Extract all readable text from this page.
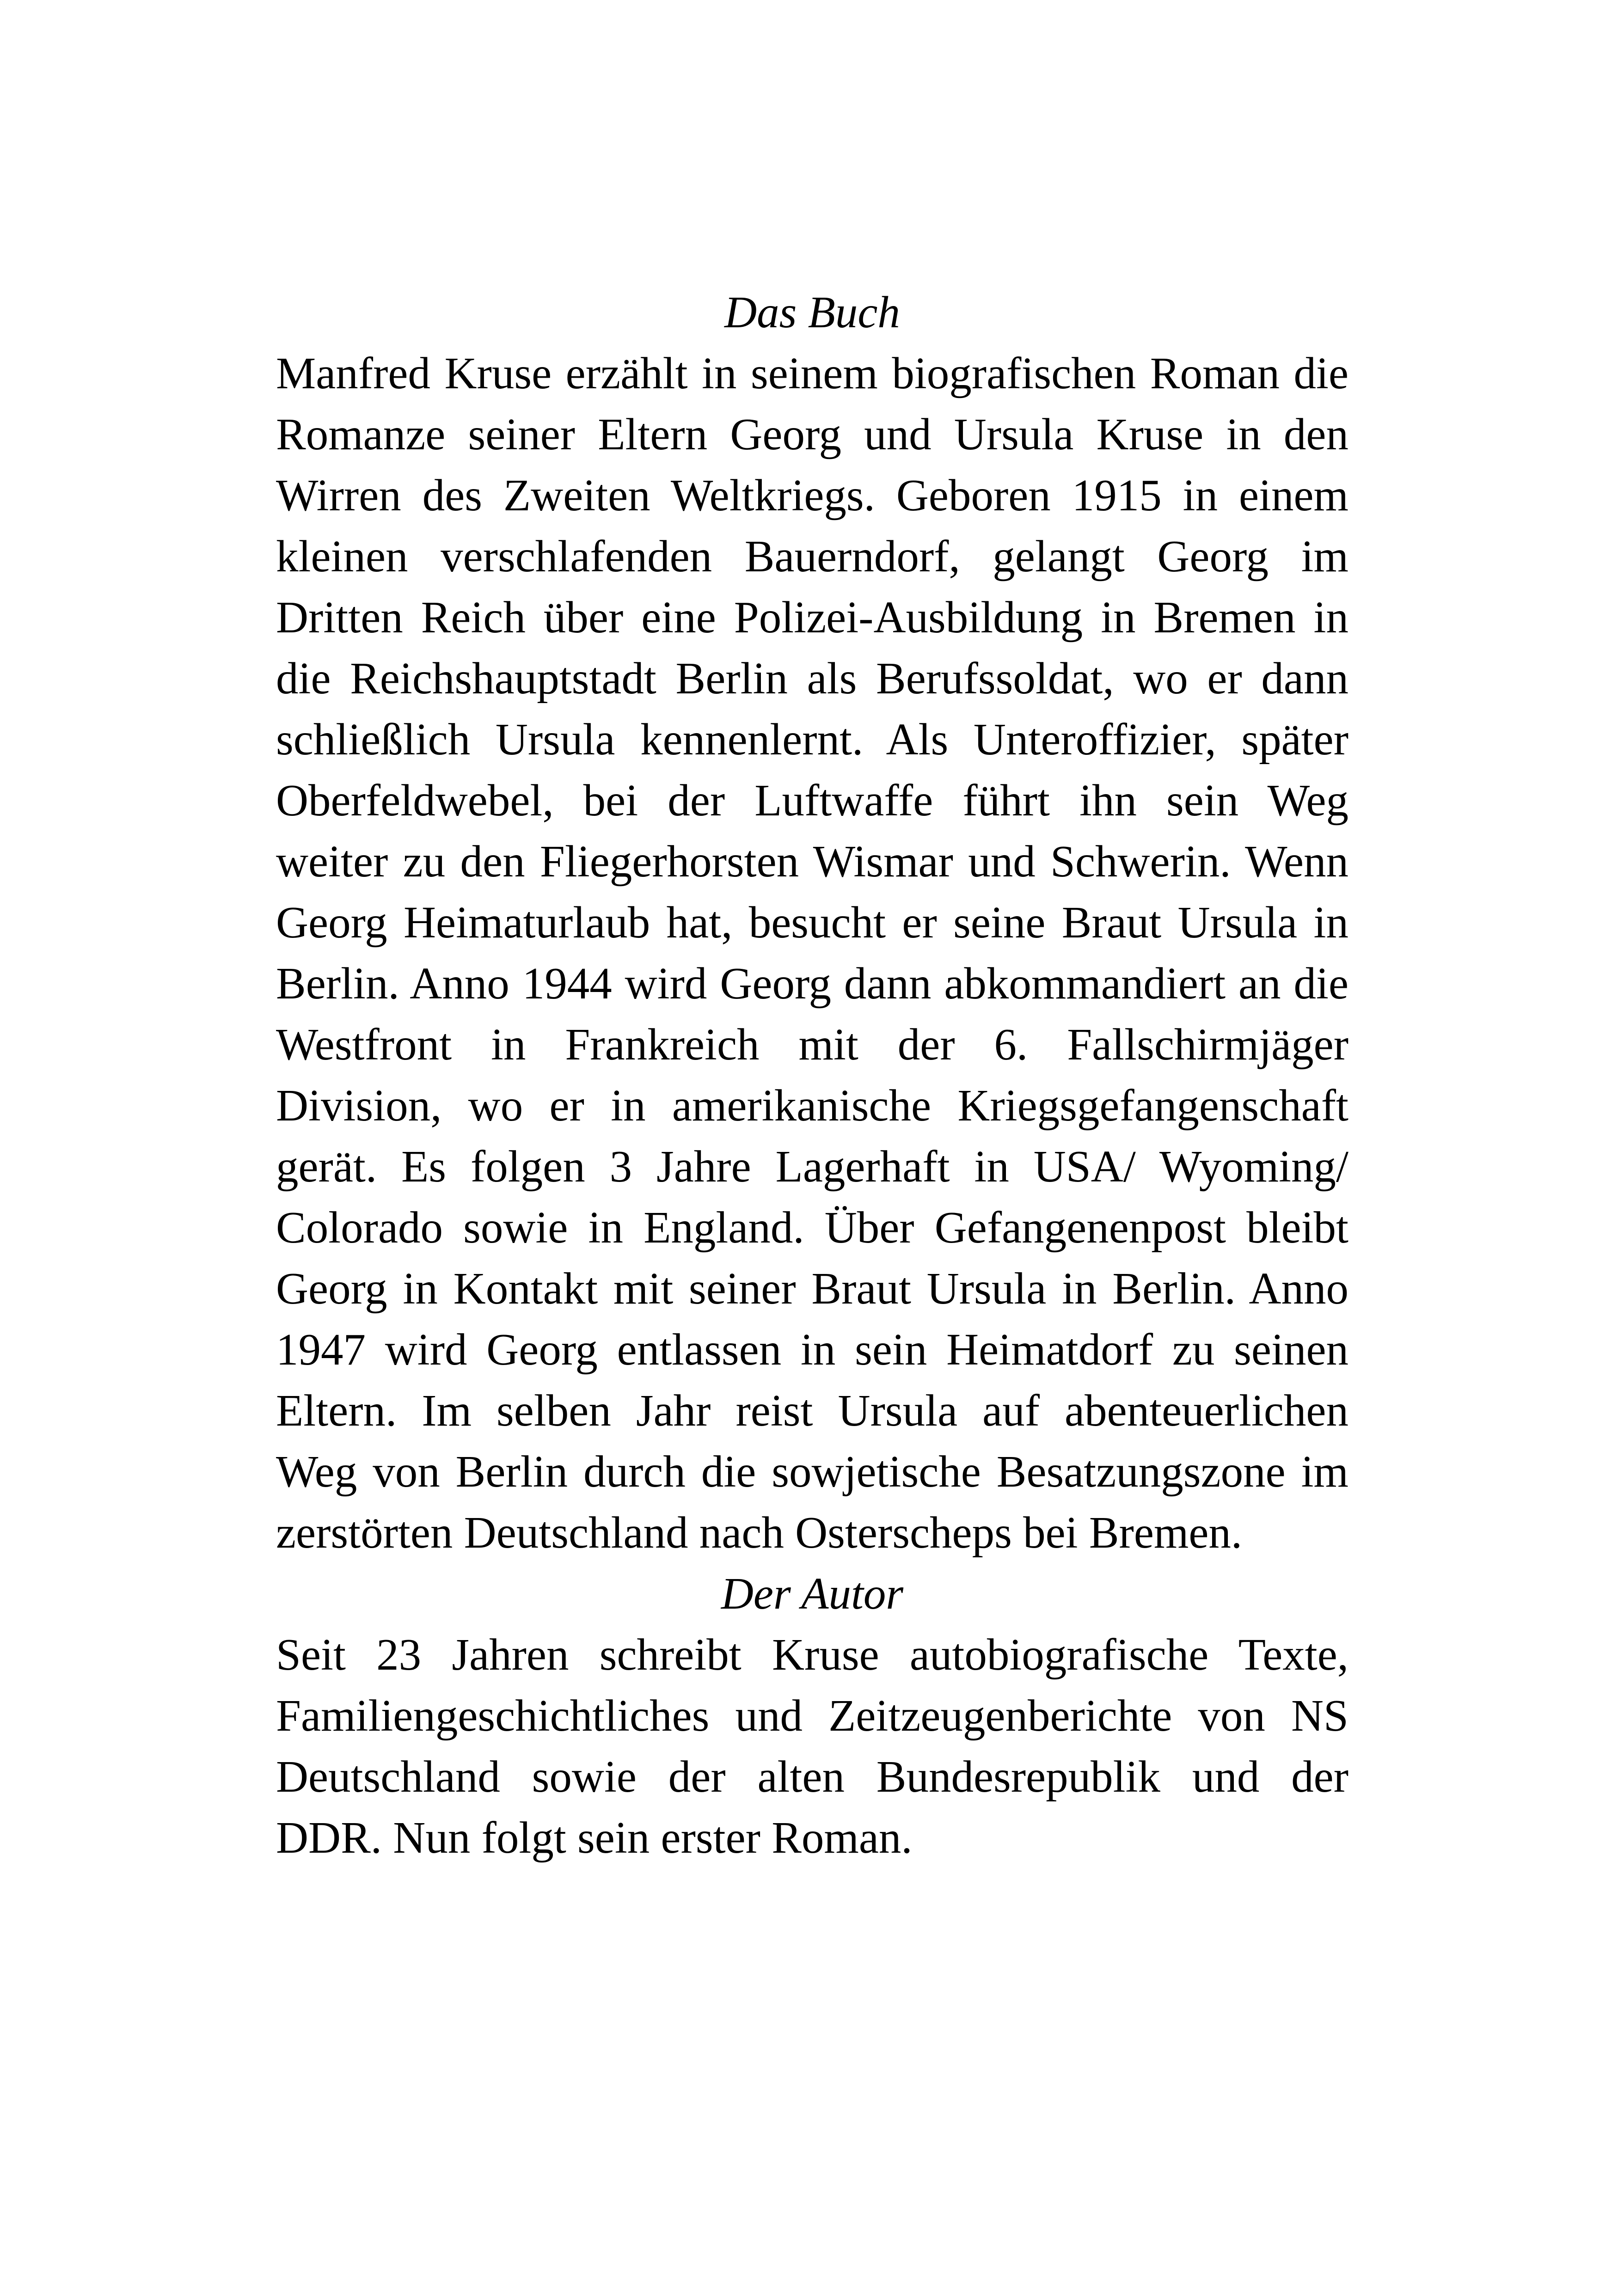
Das Buch
Manfred Kruse erzählt in seinem biografischen Roman die
Romanze seiner Eltern Georg und Ursula Kruse in den
Wirren des Zweiten Weltkriegs. Geboren 1915 in einem
kleinen verschlafenden Bauerndorf, gelangt Georg im
Dritten Reich über eine Polizei-Ausbildung in Bremen in
die Reichshauptstadt Berlin als Berufssoldat, wo er dann
schließlich Ursula kennenlernt. Als Unteroffizier, später
Oberfeldwebel, bei der Luftwaffe führt ihn sein Weg
weiter zu den Fliegerhorsten Wismar und Schwerin. Wenn
Georg Heimaturlaub hat, besucht er seine Braut Ursula in
Berlin. Anno 1944 wird Georg dann abkommandiert an die
Westfront in Frankreich mit der 6. Fallschirmjäger
Division, wo er in amerikanische Kriegsgefangenschaft
gerät. Es folgen 3 Jahre Lagerhaft in USA/ Wyoming/
Colorado sowie in England. Über Gefangenenpost bleibt
Georg in Kontakt mit seiner Braut Ursula in Berlin. Anno
1947 wird Georg entlassen in sein Heimatdorf zu seinen
Eltern. Im selben Jahr reist Ursula auf abenteuerlichen
Weg von Berlin durch die sowjetische Besatzungszone im
zerstörten Deutschland nach Osterscheps bei Bremen.
Der Autor
Seit 23 Jahren schreibt Kruse autobiografische Texte,
Familiengeschichtliches und Zeitzeugenberichte von NS
Deutschland sowie der alten Bundesrepublik und der
DDR. Nun folgt sein erster Roman.
